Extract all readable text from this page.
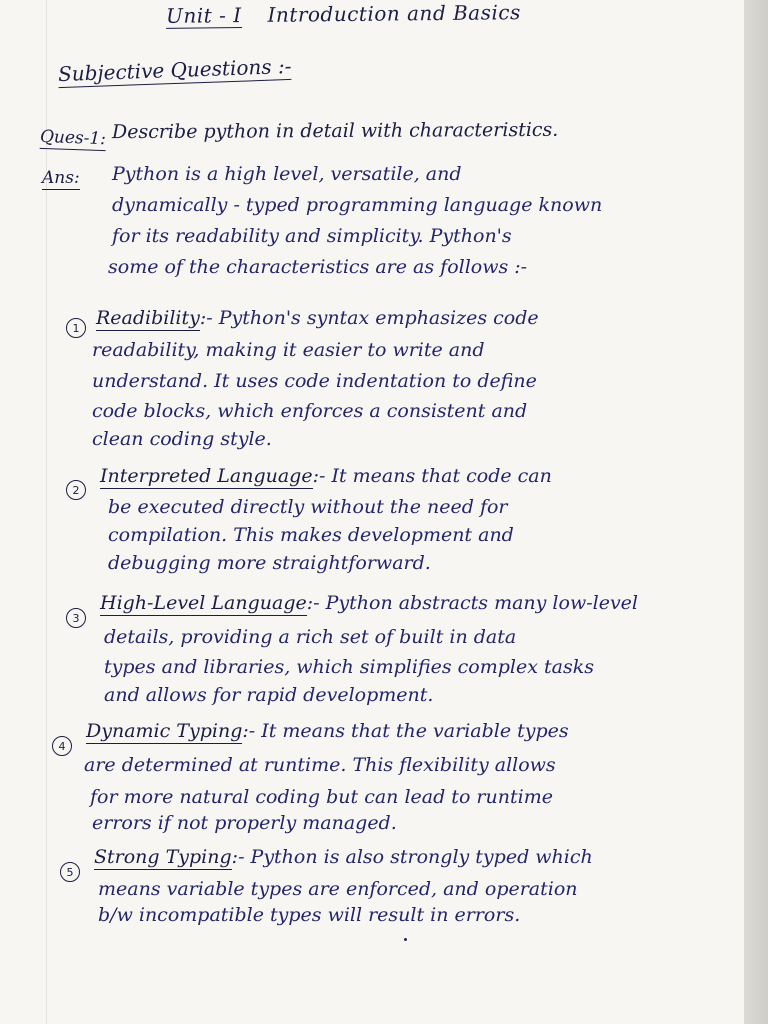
Unit - I Introduction and Basics

Subjective Questions :-

Ques-1: Describe python in detail with characteristics.

Ans: Python is a high level, versatile, and

dynamically - typed programming language known

for its readability and simplicity. Python's

some of the characteristics are as follows :-

1 Readibility:- Python's syntax emphasizes code

readability, making it easier to write and

understand. It uses code indentation to define

code blocks, which enforces a consistent and

clean coding style.

2

Interpreted Language:- It means that code can

be executed directly without the need for

compilation. This makes development and

debugging more straightforward.

3

High-Level Language:- Python abstracts many low-level

details, providing a rich set of built in data

types and libraries, which simplifies complex tasks

and allows for rapid development.

4

Dynamic Typing:- It means that the variable types

are determined at runtime. This flexibility allows

for more natural coding but can lead to runtime

errors if not properly managed.

5

Strong Typing:- Python is also strongly typed which

means variable types are enforced, and operation

b/w incompatible types will result in errors.
